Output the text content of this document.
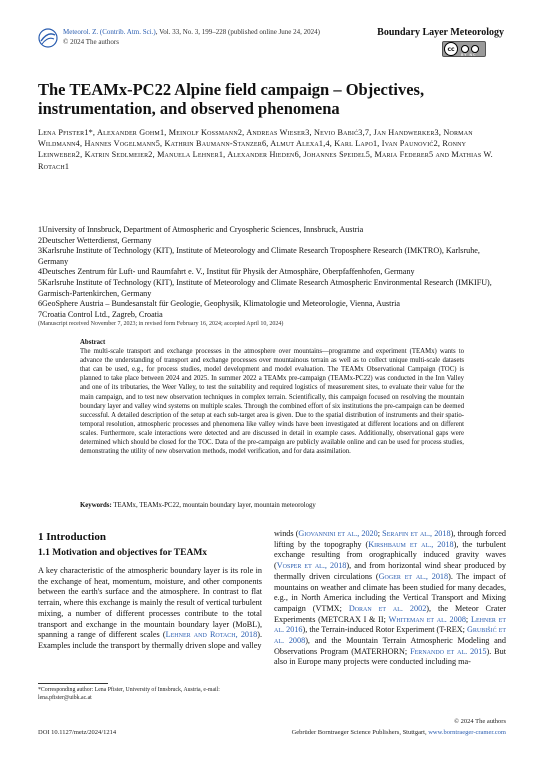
Meteorol. Z. (Contrib. Atm. Sci.), Vol. 33, No. 3, 199–228 (published online June 24, 2024)
© 2024 The authors
Boundary Layer Meteorology
cc
BY NC
The TEAMx-PC22 Alpine field campaign – Objectives, instrumentation, and observed phenomena
Lena Pfister1*, Alexander Gohm1, Meinolf Kossmann2, Andreas Wieser3, Nevio Babić3,7, Jan Handwerker3, Norman Wildmann4, Hannes Vogelmann5, Kathrin Baumann-Stanzer6, Almut Alexa1,4, Karl Lapo1, Ivan Paunović2, Ronny Leinweber2, Katrin Sedlmeier2, Manuela Lehner1, Alexander Hieden6, Johannes Speidel5, Maria Federer5 and Mathias W. Rotach1
1University of Innsbruck, Department of Atmospheric and Cryospheric Sciences, Innsbruck, Austria
2Deutscher Wetterdienst, Germany
3Karlsruhe Institute of Technology (KIT), Institute of Meteorology and Climate Research Troposphere Research (IMKTRO), Karlsruhe, Germany
4Deutsches Zentrum für Luft- und Raumfahrt e. V., Institut für Physik der Atmosphäre, Oberpfaffenhofen, Germany
5Karlsruhe Institute of Technology (KIT), Institute of Meteorology and Climate Research Atmospheric Environmental Research (IMKIFU), Garmisch-Partenkirchen, Germany
6GeoSphere Austria – Bundesanstalt für Geologie, Geophysik, Klimatologie und Meteorologie, Vienna, Austria
7Croatia Control Ltd., Zagreb, Croatia
(Manuscript received November 7, 2023; in revised form February 16, 2024; accepted April 10, 2024)
Abstract
The multi-scale transport and exchange processes in the atmosphere over mountains—programme and experiment (TEAMx) wants to advance the understanding of transport and exchange processes over mountainous terrain as well as to collect unique multi-scale datasets that can be used, e.g., for process studies, model development and model evaluation. The TEAMx Observational Campaign (TOC) is planned to take place between 2024 and 2025. In summer 2022 a TEAMx pre-campaign (TEAMx-PC22) was conducted in the Inn Valley and one of its tributaries, the Weer Valley, to test the suitability and required logistics of measurement sites, to evaluate their value for the main campaign, and to test new observation techniques in complex terrain. Scientifically, this campaign focused on resolving the mountain boundary layer and valley wind systems on multiple scales. Through the combined effort of six institutions the pre-campaign can be deemed successful. A detailed description of the setup at each sub-target area is given. Due to the spatial distribution of instruments and their spatio-temporal resolution, atmospheric processes and phenomena like valley winds have been investigated at different locations and on different scales. Furthermore, scale interactions were detected and are discussed in detail in example cases. Additionally, observational gaps were determined which should be closed for the TOC. Data of the pre-campaign are publicly available online and can be used for process studies, demonstrating the utility of new observation methods, model verification, and for data assimilation.
Keywords: TEAMx, TEAMx-PC22, mountain boundary layer, mountain meteorology
1 Introduction
1.1 Motivation and objectives for TEAMx
A key characteristic of the atmospheric boundary layer is its role in the exchange of heat, momentum, moisture, and other components between the earth's surface and the atmosphere. In contrast to flat terrain, where this exchange is mainly the result of vertical turbulent mixing, a number of different processes contribute to the total transport and exchange in the mountain boundary layer (MoBL), spanning a range of different scales (Lehner and Rotach, 2018). Examples include the transport by thermally driven slope and valley
winds (Giovannini et al., 2020; Serafin et al., 2018), through forced lifting by the topography (Kirshbaum et al., 2018), the turbulent exchange resulting from orographically induced gravity waves (Vosper et al., 2018), and from horizontal wind shear produced by thermally driven circulations (Goger et al., 2018). The impact of mountains on weather and climate has been studied for many decades, e.g., in North America including the Vertical Transport and Mixing campaign (VTMX; Doran et al. 2002), the Meteor Crater Experiments (METCRAX I & II; Whiteman et al. 2008; Lehner et al. 2016), the Terrain-induced Rotor Experiment (T-REX; Grubišić et al. 2008), and the Mountain Terrain Atmospheric Modeling and Observations Program (MATERHORN; Fernando et al. 2015). But also in Europe many projects were conducted including ma-
*Corresponding author: Lena Pfister, University of Innsbruck, Austria, e-mail: lena.pfister@uibk.ac.at
© 2024 The authors
DOI 10.1127/metz/2024/1214	Gebrüder Borntraeger Science Publishers, Stuttgart, www.borntraeger-cramer.com
